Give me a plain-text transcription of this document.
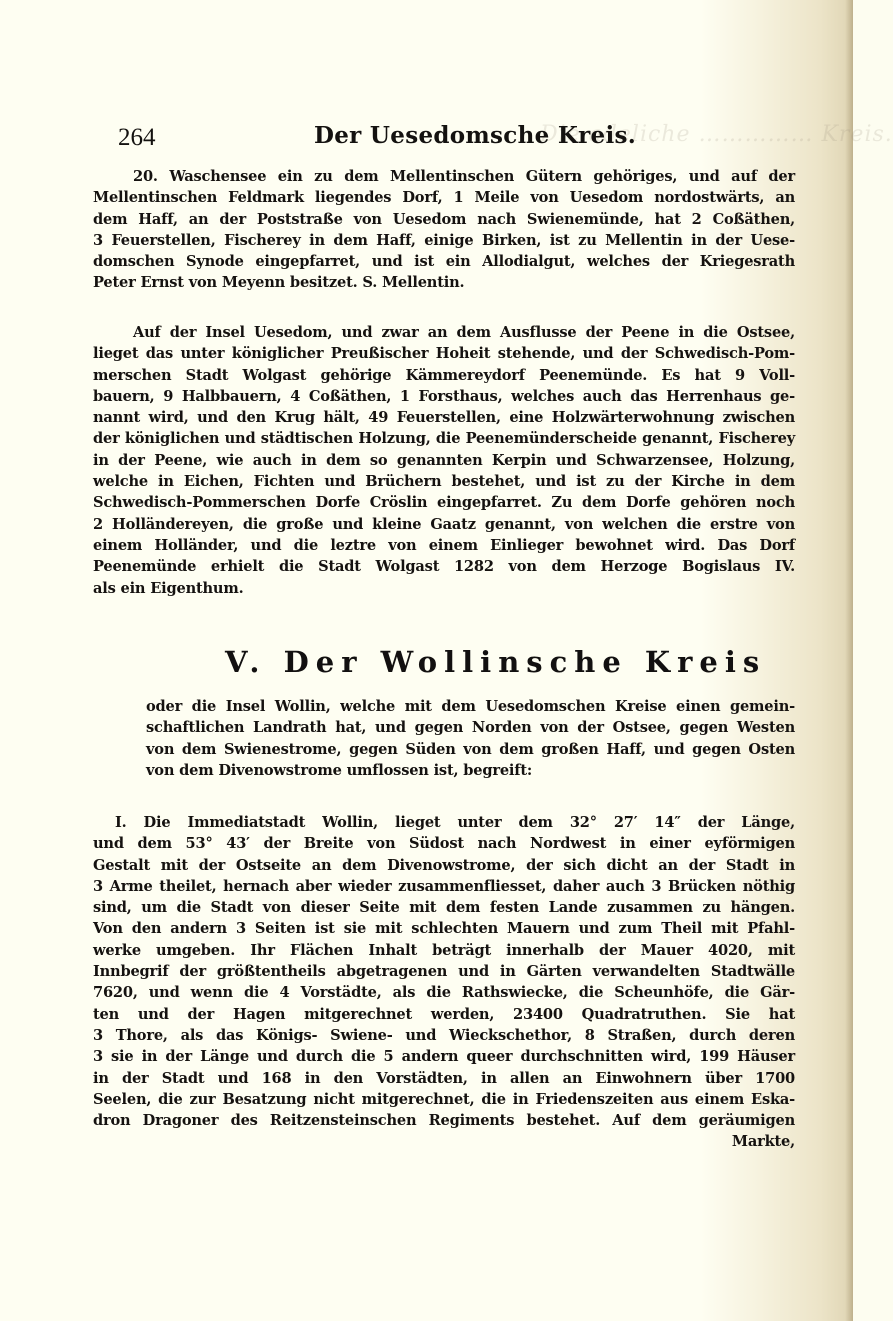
Die adeliche …………… Kreis.
264	Der Uesedomsche Kreis.
20. Waschensee ein zu dem Mellentinschen Gütern gehöriges, und auf der
Mellentinschen Feldmark liegendes Dorf, 1 Meile von Uesedom nordostwärts, an
dem Haff, an der Poststraße von Uesedom nach Swienemünde, hat 2 Coßäthen,
3 Feuerstellen, Fischerey in dem Haff, einige Birken, ist zu Mellentin in der Uese-
domschen Synode eingepfarret, und ist ein Allodialgut, welches der Kriegesrath
Peter Ernst von Meyenn besitzet. S. Mellentin.
Auf der Insel Uesedom, und zwar an dem Ausflusse der Peene in die Ostsee,
lieget das unter königlicher Preußischer Hoheit stehende, und der Schwedisch-Pom-
merschen Stadt Wolgast gehörige Kämmereydorf Peenemünde. Es hat 9 Voll-
bauern, 9 Halbbauern, 4 Coßäthen, 1 Forsthaus, welches auch das Herrenhaus ge-
nannt wird, und den Krug hält, 49 Feuerstellen, eine Holzwärterwohnung zwischen
der königlichen und städtischen Holzung, die Peenemünderscheide genannt, Fischerey
in der Peene, wie auch in dem so genannten Kerpin und Schwarzensee, Holzung,
welche in Eichen, Fichten und Brüchern bestehet, und ist zu der Kirche in dem
Schwedisch-Pommerschen Dorfe Cröslin eingepfarret. Zu dem Dorfe gehören noch
2 Holländereyen, die große und kleine Gaatz genannt, von welchen die erstre von
einem Holländer, und die leztre von einem Einlieger bewohnet wird. Das Dorf
Peenemünde erhielt die Stadt Wolgast 1282 von dem Herzoge Bogislaus IV.
als ein Eigenthum.
V. Der Wollinsche Kreis
oder die Insel Wollin, welche mit dem Uesedomschen Kreise einen gemein-
schaftlichen Landrath hat, und gegen Norden von der Ostsee, gegen Westen
von dem Swienestrome, gegen Süden von dem großen Haff, und gegen Osten
von dem Divenowstrome umflossen ist, begreift:
I. Die Immediatstadt Wollin, lieget unter dem 32° 27′ 14″ der Länge,
und dem 53° 43′ der Breite von Südost nach Nordwest in einer eyförmigen
Gestalt mit der Ostseite an dem Divenowstrome, der sich dicht an der Stadt in
3 Arme theilet, hernach aber wieder zusammenfliesset, daher auch 3 Brücken nöthig
sind, um die Stadt von dieser Seite mit dem festen Lande zusammen zu hängen.
Von den andern 3 Seiten ist sie mit schlechten Mauern und zum Theil mit Pfahl-
werke umgeben. Ihr Flächen Inhalt beträgt innerhalb der Mauer 4020, mit
Innbegrif der größtentheils abgetragenen und in Gärten verwandelten Stadtwälle
7620, und wenn die 4 Vorstädte, als die Rathswiecke, die Scheunhöfe, die Gär-
ten und der Hagen mitgerechnet werden, 23400 Quadratruthen. Sie hat
3 Thore, als das Königs- Swiene- und Wieckschethor, 8 Straßen, durch deren
3 sie in der Länge und durch die 5 andern queer durchschnitten wird, 199 Häuser
in der Stadt und 168 in den Vorstädten, in allen an Einwohnern über 1700
Seelen, die zur Besatzung nicht mitgerechnet, die in Friedenszeiten aus einem Eska-
dron Dragoner des Reitzensteinschen Regiments bestehet. Auf dem geräumigen
Markte,
